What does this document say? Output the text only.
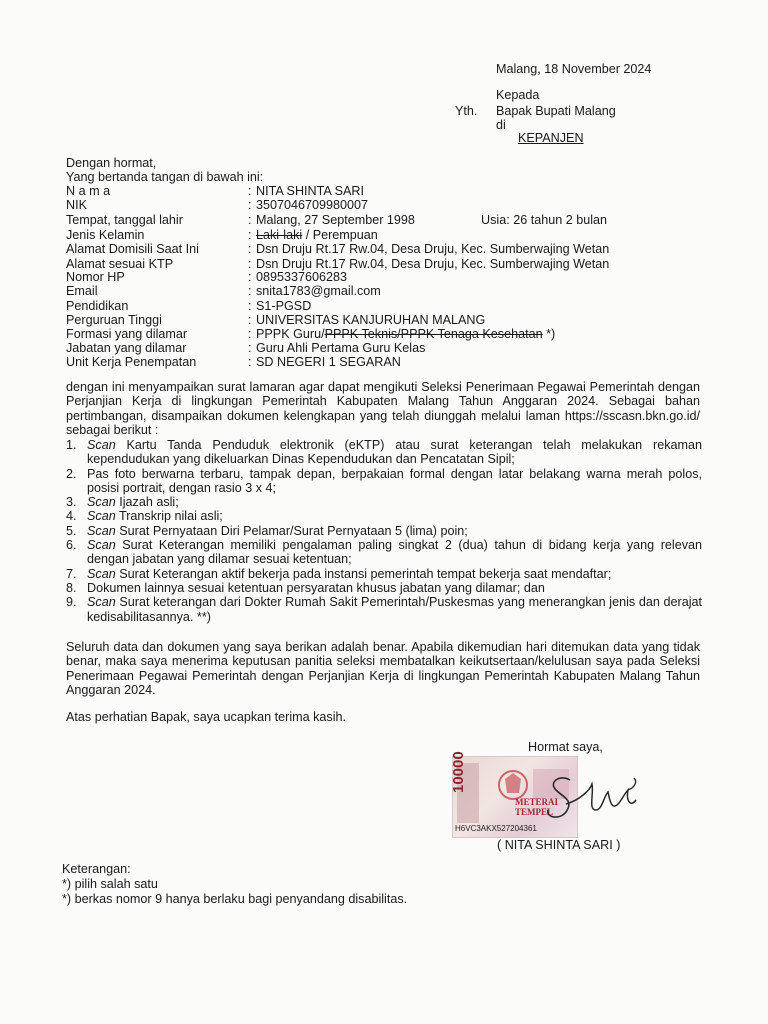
Malang, 18 November 2024
Kepada
Yth. Bapak Bupati Malang
di
KEPANJEN
Dengan hormat,
Yang bertanda tangan di bawah ini:
N a m a	: NITA SHINTA SARI
NIK	: 3507046709980007
Tempat, tanggal lahir	: Malang, 27 September 1998	Usia: 26 tahun 2 bulan
Jenis Kelamin	: Laki-laki / Perempuan
Alamat Domisili Saat Ini	: Dsn Druju Rt.17 Rw.04, Desa Druju, Kec. Sumberwajing Wetan
Alamat sesuai KTP	: Dsn Druju Rt.17 Rw.04, Desa Druju, Kec. Sumberwajing Wetan
Nomor HP	: 0895337606283
Email	: snita1783@gmail.com
Pendidikan	: S1-PGSD
Perguruan Tinggi	: UNIVERSITAS KANJURUHAN MALANG
Formasi yang dilamar	: PPPK Guru/PPPK Teknis/PPPK Tenaga Kesehatan *)
Jabatan yang dilamar	: Guru Ahli Pertama Guru Kelas
Unit Kerja Penempatan	: SD NEGERI 1 SEGARAN
dengan ini menyampaikan surat lamaran agar dapat mengikuti Seleksi Penerimaan Pegawai Pemerintah dengan Perjanjian Kerja di lingkungan Pemerintah Kabupaten Malang Tahun Anggaran 2024. Sebagai bahan pertimbangan, disampaikan dokumen kelengkapan yang telah diunggah melalui laman https://sscasn.bkn.go.id/ sebagai berikut :
1. Scan Kartu Tanda Penduduk elektronik (eKTP) atau surat keterangan telah melakukan rekaman kependudukan yang dikeluarkan Dinas Kependudukan dan Pencatatan Sipil;
2. Pas foto berwarna terbaru, tampak depan, berpakaian formal dengan latar belakang warna merah polos, posisi portrait, dengan rasio 3 x 4;
3. Scan Ijazah asli;
4. Scan Transkrip nilai asli;
5. Scan Surat Pernyataan Diri Pelamar/Surat Pernyataan 5 (lima) poin;
6. Scan Surat Keterangan memiliki pengalaman paling singkat 2 (dua) tahun di bidang kerja yang relevan dengan jabatan yang dilamar sesuai ketentuan;
7. Scan Surat Keterangan aktif bekerja pada instansi pemerintah tempat bekerja saat mendaftar;
8. Dokumen lainnya sesuai ketentuan persyaratan khusus jabatan yang dilamar; dan
9. Scan Surat keterangan dari Dokter Rumah Sakit Pemerintah/Puskesmas yang menerangkan jenis dan derajat kedisabilitasannya. **)
Seluruh data dan dokumen yang saya berikan adalah benar. Apabila dikemudian hari ditemukan data yang tidak benar, maka saya menerima keputusan panitia seleksi membatalkan keikutsertaan/kelulusan saya pada Seleksi Penerimaan Pegawai Pemerintah dengan Perjanjian Kerja di lingkungan Pemerintah Kabupaten Malang Tahun Anggaran 2024.
Atas perhatian Bapak, saya ucapkan terima kasih.
Hormat saya,
10000
METERAI TEMPEL
H6VC3AKX527204361
( NITA SHINTA SARI )
Keterangan:
*) pilih salah satu
*) berkas nomor 9 hanya berlaku bagi penyandang disabilitas.
